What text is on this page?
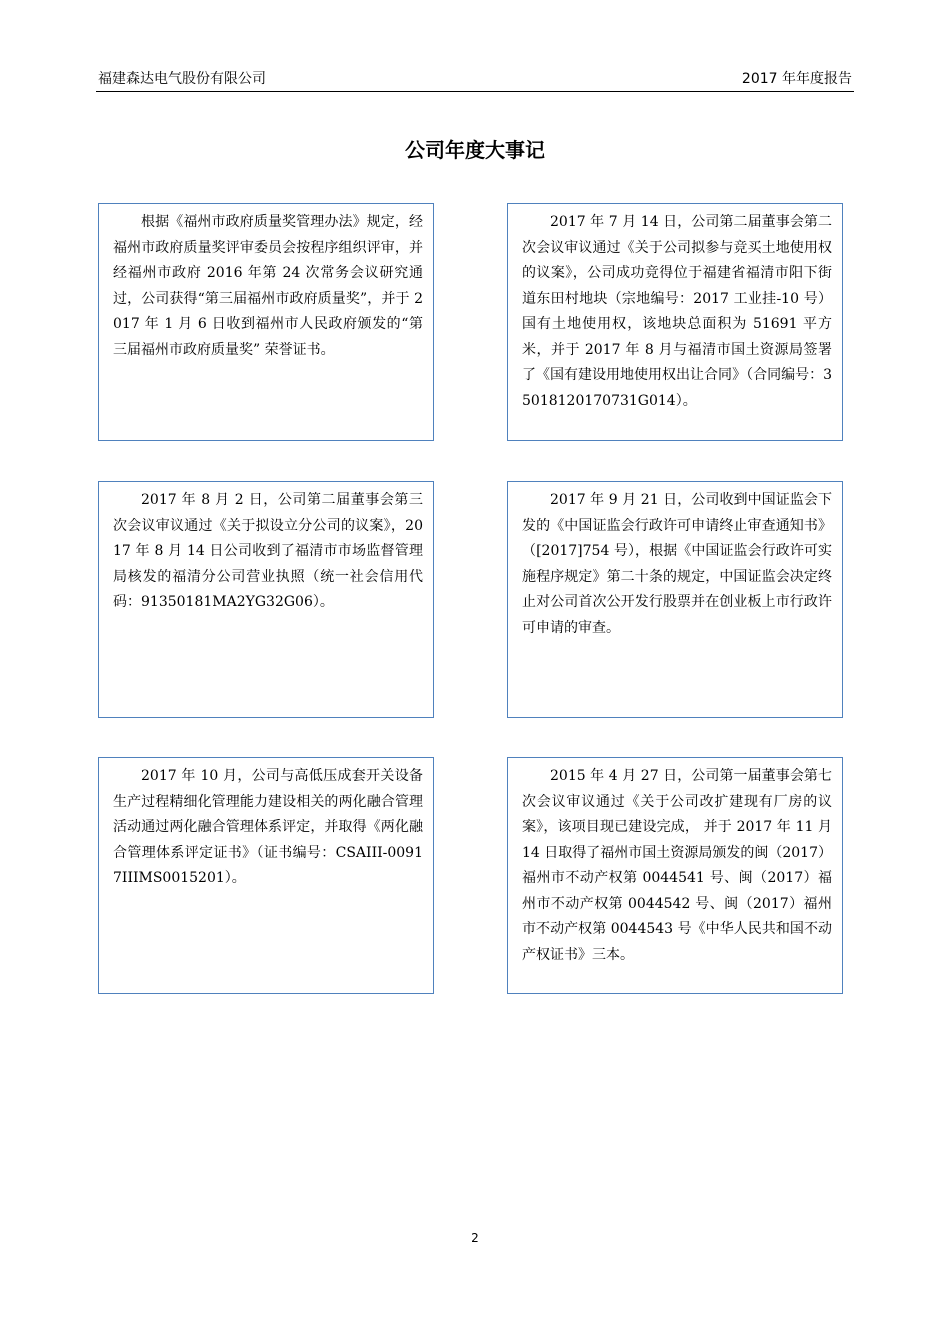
福建森达电气股份有限公司	2017 年年度报告
公司年度大事记

根据《福州市政府质量奖管理办法》规定，经福州市政府质量奖评审委员会按程序组织评审，并经福州市政府 2016 年第 24 次常务会议研究通过，公司获得“第三届福州市政府质量奖”，并于 2017 年 1 月 6 日收到福州市人民政府颁发的“第三届福州市政府质量奖” 荣誉证书。

2017 年 7 月 14 日，公司第二届董事会第二次会议审议通过《关于公司拟参与竞买土地使用权的议案》，公司成功竞得位于福建省福清市阳下街道东田村地块（宗地编号：2017 工业挂-10 号）国有土地使用权，该地块总面积为 51691 平方米，并于 2017 年 8 月与福清市国土资源局签署了《国有建设用地使用权出让合同》（合同编号：35018120170731G014）。

2017 年 8 月 2 日，公司第二届董事会第三次会议审议通过《关于拟设立分公司的议案》，2017 年 8 月 14 日公司收到了福清市市场监督管理局核发的福清分公司营业执照（统一社会信用代码：91350181MA2YG32G06）。

2017 年 9 月 21 日，公司收到中国证监会下发的《中国证监会行政许可申请终止审查通知书》（[2017]754 号），根据《中国证监会行政许可实施程序规定》第二十条的规定，中国证监会决定终止对公司首次公开发行股票并在创业板上市行政许可申请的审查。

2017 年 10 月，公司与高低压成套开关设备生产过程精细化管理能力建设相关的两化融合管理活动通过两化融合管理体系评定，并取得《两化融合管理体系评定证书》（证书编号：CSAIII-00917IIIMS0015201）。

2015 年 4 月 27 日，公司第一届董事会第七次会议审议通过《关于公司改扩建现有厂房的议案》，该项目现已建设完成， 并于 2017 年 11 月 14 日取得了福州市国土资源局颁发的闽（2017）福州市不动产权第 0044541 号、闽（2017）福州市不动产权第 0044542 号、闽（2017）福州市不动产权第 0044543 号《中华人民共和国不动产权证书》三本。

2
